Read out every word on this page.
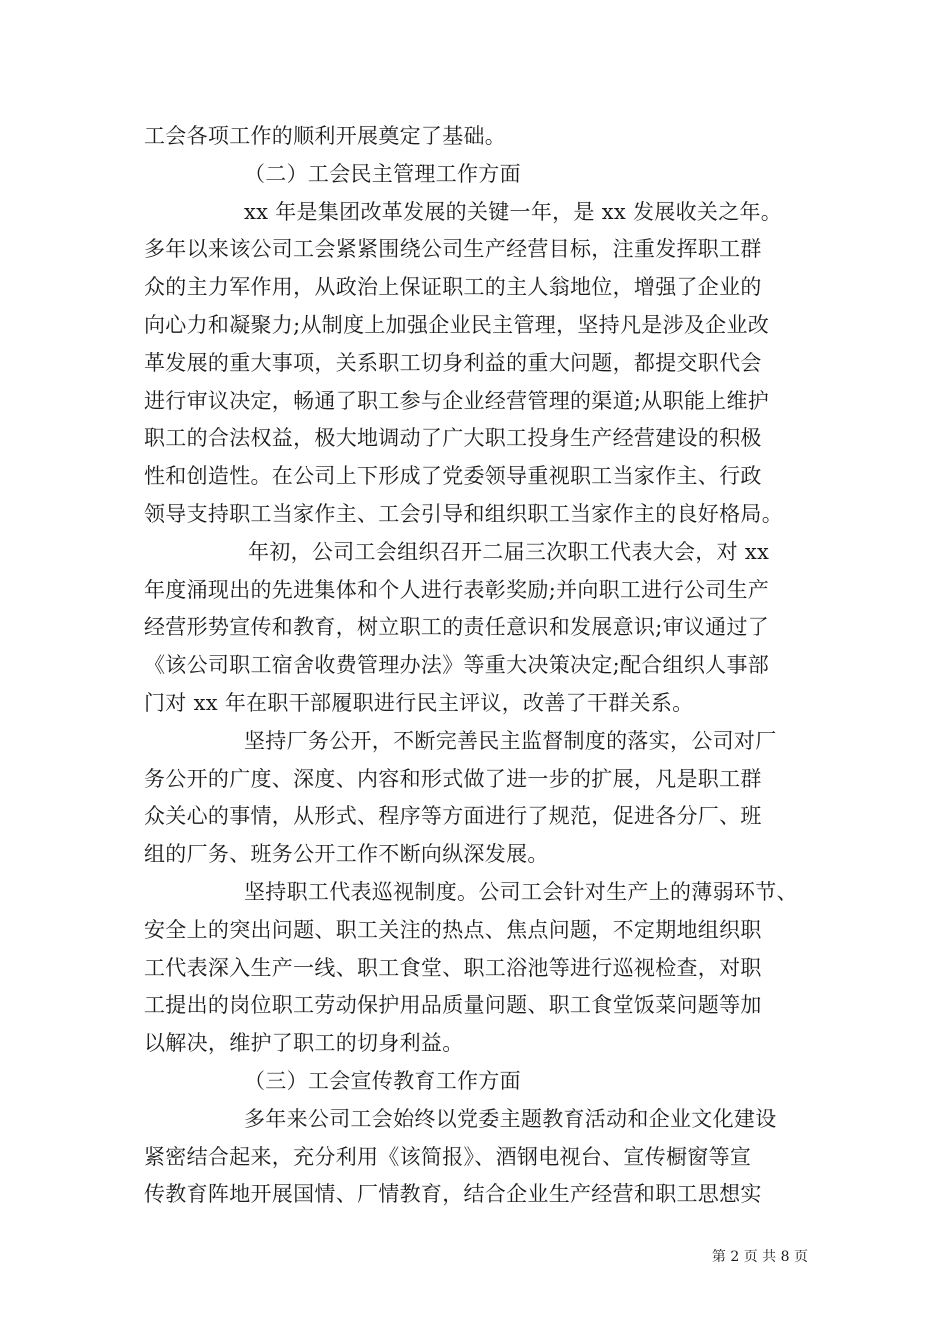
工会各项工作的顺利开展奠定了基础。
（二）工会民主管理工作方面
xx 年是集团改革发展的关键一年，是 xx 发展收关之年。
多年以来该公司工会紧紧围绕公司生产经营目标，注重发挥职工群
众的主力军作用，从政治上保证职工的主人翁地位，增强了企业的
向心力和凝聚力;从制度上加强企业民主管理，坚持凡是涉及企业改
革发展的重大事项，关系职工切身利益的重大问题，都提交职代会
进行审议决定，畅通了职工参与企业经营管理的渠道;从职能上维护
职工的合法权益，极大地调动了广大职工投身生产经营建设的积极
性和创造性。在公司上下形成了党委领导重视职工当家作主、行政
领导支持职工当家作主、工会引导和组织职工当家作主的良好格局。
年初，公司工会组织召开二届三次职工代表大会，对 xx
年度涌现出的先进集体和个人进行表彰奖励;并向职工进行公司生产
经营形势宣传和教育，树立职工的责任意识和发展意识;审议通过了
《该公司职工宿舍收费管理办法》等重大决策决定;配合组织人事部
门对 xx 年在职干部履职进行民主评议，改善了干群关系。
坚持厂务公开，不断完善民主监督制度的落实，公司对厂
务公开的广度、深度、内容和形式做了进一步的扩展，凡是职工群
众关心的事情，从形式、程序等方面进行了规范，促进各分厂、班
组的厂务、班务公开工作不断向纵深发展。
坚持职工代表巡视制度。公司工会针对生产上的薄弱环节、
安全上的突出问题、职工关注的热点、焦点问题，不定期地组织职
工代表深入生产一线、职工食堂、职工浴池等进行巡视检查，对职
工提出的岗位职工劳动保护用品质量问题、职工食堂饭菜问题等加
以解决，维护了职工的切身利益。
（三）工会宣传教育工作方面
多年来公司工会始终以党委主题教育活动和企业文化建设
紧密结合起来，充分利用《该简报》、酒钢电视台、宣传橱窗等宣
传教育阵地开展国情、厂情教育，结合企业生产经营和职工思想实
第 2 页 共 8 页
